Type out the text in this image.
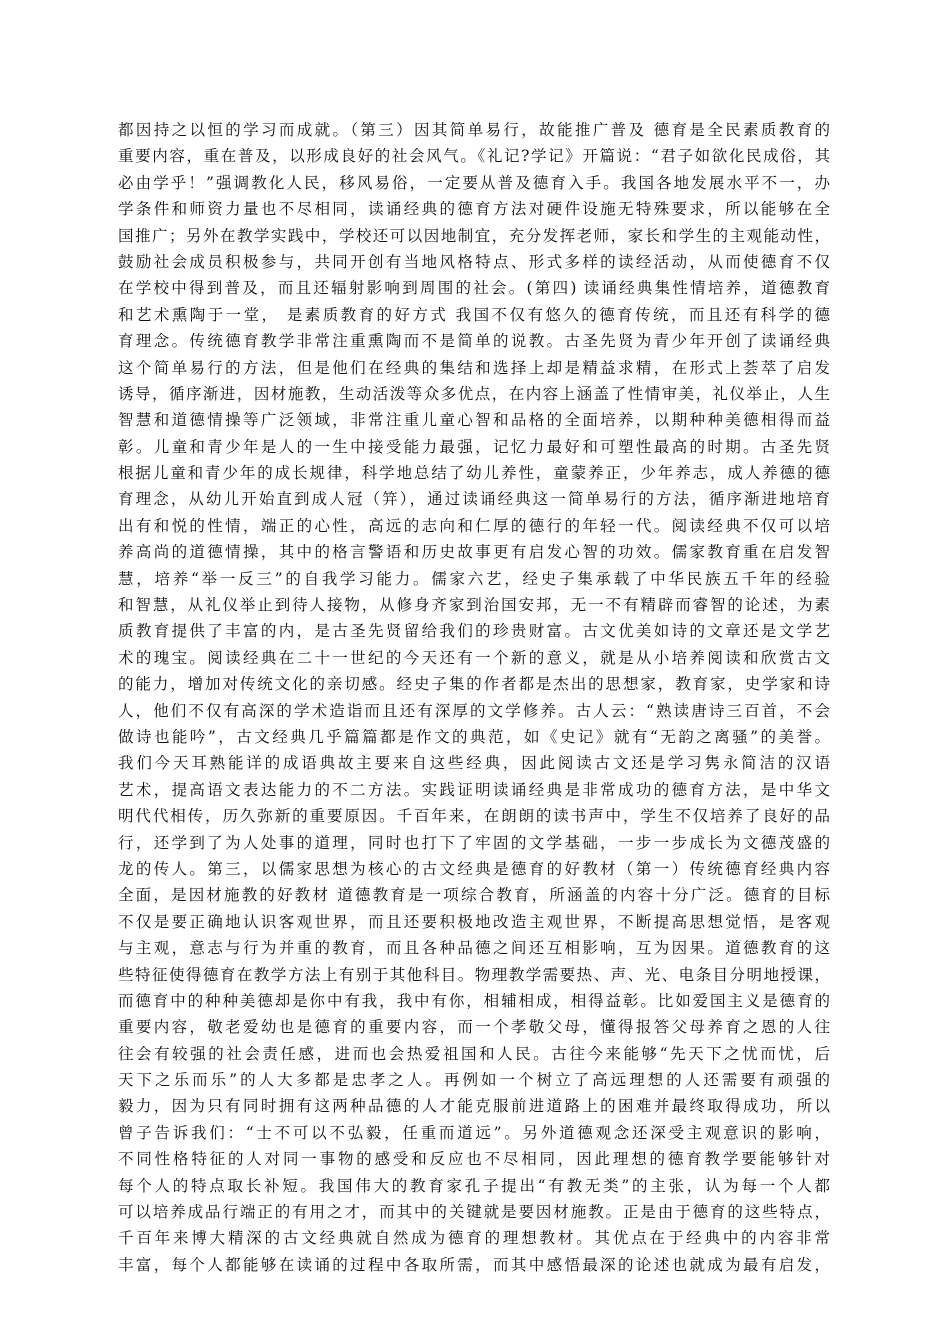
都因持之以恒的学习而成就。（第三）因其简单易行，故能推广普及 德育是全民素质教育的
重要内容，重在普及，以形成良好的社会风气。《礼记?学记》开篇说：“君子如欲化民成俗，其
必由学乎！”强调教化人民，移风易俗，一定要从普及德育入手。我国各地发展水平不一，办
学条件和师资力量也不尽相同，读诵经典的德育方法对硬件设施无特殊要求，所以能够在全
国推广；另外在教学实践中，学校还可以因地制宜，充分发挥老师，家长和学生的主观能动性，
鼓励社会成员积极参与，共同开创有当地风格特点、形式多样的读经活动，从而使德育不仅
在学校中得到普及，而且还辐射影响到周围的社会。(第四) 读诵经典集性情培养，道德教育
和艺术熏陶于一堂， 是素质教育的好方式 我国不仅有悠久的德育传统，而且还有科学的德
育理念。传统德育教学非常注重熏陶而不是简单的说教。古圣先贤为青少年开创了读诵经典
这个简单易行的方法，但是他们在经典的集结和选择上却是精益求精，在形式上荟萃了启发
诱导，循序渐进，因材施教，生动活泼等众多优点，在内容上涵盖了性情审美，礼仪举止，人生
智慧和道德情操等广泛领域，非常注重儿童心智和品格的全面培养，以期种种美德相得而益
彰。儿童和青少年是人的一生中接受能力最强，记忆力最好和可塑性最高的时期。古圣先贤
根据儿童和青少年的成长规律，科学地总结了幼儿养性，童蒙养正，少年养志，成人养德的德
育理念，从幼儿开始直到成人冠（笄），通过读诵经典这一简单易行的方法，循序渐进地培育
出有和悦的性情，端正的心性，高远的志向和仁厚的德行的年轻一代。阅读经典不仅可以培
养高尚的道德情操，其中的格言警语和历史故事更有启发心智的功效。儒家教育重在启发智
慧，培养“举一反三”的自我学习能力。儒家六艺，经史子集承载了中华民族五千年的经验
和智慧，从礼仪举止到待人接物，从修身齐家到治国安邦，无一不有精辟而睿智的论述，为素
质教育提供了丰富的内，是古圣先贤留给我们的珍贵财富。古文优美如诗的文章还是文学艺
术的瑰宝。阅读经典在二十一世纪的今天还有一个新的意义，就是从小培养阅读和欣赏古文
的能力，增加对传统文化的亲切感。经史子集的作者都是杰出的思想家，教育家，史学家和诗
人，他们不仅有高深的学术造诣而且还有深厚的文学修养。古人云：“熟读唐诗三百首，不会
做诗也能吟”，古文经典几乎篇篇都是作文的典范，如《史记》就有“无韵之离骚”的美誉。
我们今天耳熟能详的成语典故主要来自这些经典，因此阅读古文还是学习隽永简洁的汉语
艺术，提高语文表达能力的不二方法。实践证明读诵经典是非常成功的德育方法，是中华文
明代代相传，历久弥新的重要原因。千百年来，在朗朗的读书声中，学生不仅培养了良好的品
行，还学到了为人处事的道理，同时也打下了牢固的文学基础，一步一步成长为文德茂盛的
龙的传人。第三，以儒家思想为核心的古文经典是德育的好教材（第一）传统德育经典内容
全面，是因材施教的好教材 道德教育是一项综合教育，所涵盖的内容十分广泛。德育的目标
不仅是要正确地认识客观世界，而且还要积极地改造主观世界，不断提高思想觉悟，是客观
与主观，意志与行为并重的教育，而且各种品德之间还互相影响，互为因果。道德教育的这
些特征使得德育在教学方法上有别于其他科目。物理教学需要热、声、光、电条目分明地授课，
而德育中的种种美德却是你中有我，我中有你，相辅相成，相得益彰。比如爱国主义是德育的
重要内容，敬老爱幼也是德育的重要内容，而一个孝敬父母，懂得报答父母养育之恩的人往
往会有较强的社会责任感，进而也会热爱祖国和人民。古往今来能够“先天下之忧而忧，后
天下之乐而乐”的人大多都是忠孝之人。再例如一个树立了高远理想的人还需要有顽强的
毅力，因为只有同时拥有这两种品德的人才能克服前进道路上的困难并最终取得成功，所以
曾子告诉我们：“士不可以不弘毅，任重而道远”。另外道德观念还深受主观意识的影响，
不同性格特征的人对同一事物的感受和反应也不尽相同，因此理想的德育教学要能够针对
每个人的特点取长补短。我国伟大的教育家孔子提出“有教无类”的主张，认为每一个人都
可以培养成品行端正的有用之才，而其中的关键就是要因材施教。正是由于德育的这些特点，
千百年来博大精深的古文经典就自然成为德育的理想教材。其优点在于经典中的内容非常
丰富，每个人都能够在读诵的过程中各取所需，而其中感悟最深的论述也就成为最有启发，
